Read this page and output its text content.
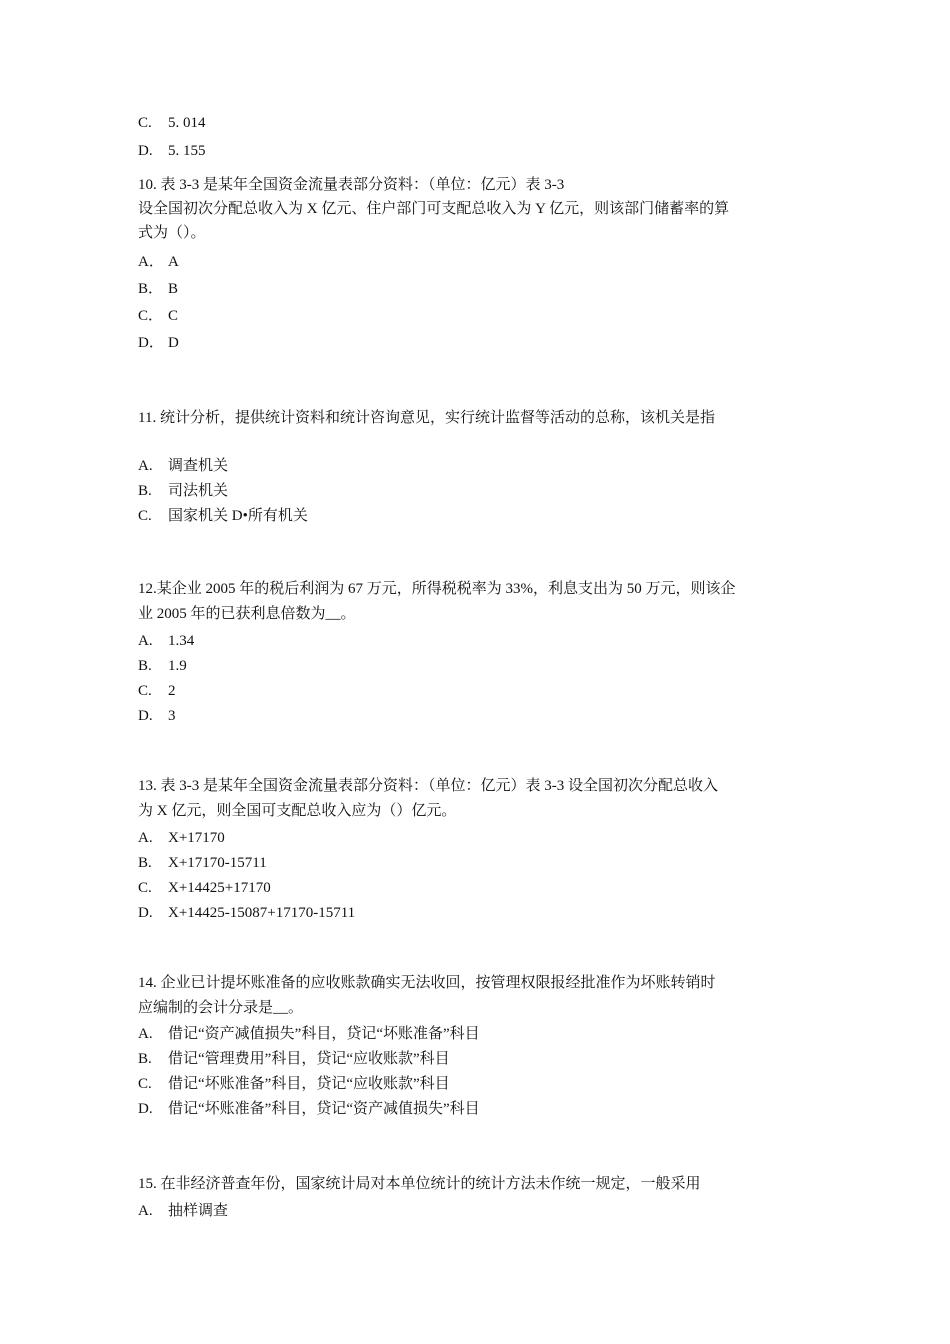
C. 5. 014
D. 5. 155
10. 表 3-3 是某年全国资金流量表部分资料：（单位：亿元）表 3-3
设全国初次分配总收入为 X 亿元、住户部门可支配总收入为 Y 亿元，则该部门储蓄率的算
式为（）。
A． A
B． B
C． C
D． D
11. 统计分析，提供统计资料和统计咨询意见，实行统计监督等活动的总称，该机关是指
A. 调查机关
B. 司法机关
C. 国家机关 D•所有机关
12.某企业 2005 年的税后利润为 67 万元，所得税税率为 33%，利息支出为 50 万元，则该企
业 2005 年的已获利息倍数为__。
A. 1.34
B. 1.9
C. 2
D. 3
13. 表 3-3 是某年全国资金流量表部分资料：（单位：亿元）表 3-3 设全国初次分配总收入
为 X 亿元，则全国可支配总收入应为（）亿元。
A. X+17170
B. X+17170-15711
C. X+14425+17170
D. X+14425-15087+17170-15711
14. 企业已计提坏账准备的应收账款确实无法收回，按管理权限报经批准作为坏账转销时
应编制的会计分录是__。
A. 借记“资产减值损失”科目，贷记“坏账准备”科目
B. 借记“管理费用”科目，贷记“应收账款”科目
C. 借记“坏账准备”科目，贷记“应收账款”科目
D. 借记“坏账准备”科目，贷记“资产减值损失”科目
15. 在非经济普查年份，国家统计局对本单位统计的统计方法未作统一规定，一般采用
A. 抽样调查
